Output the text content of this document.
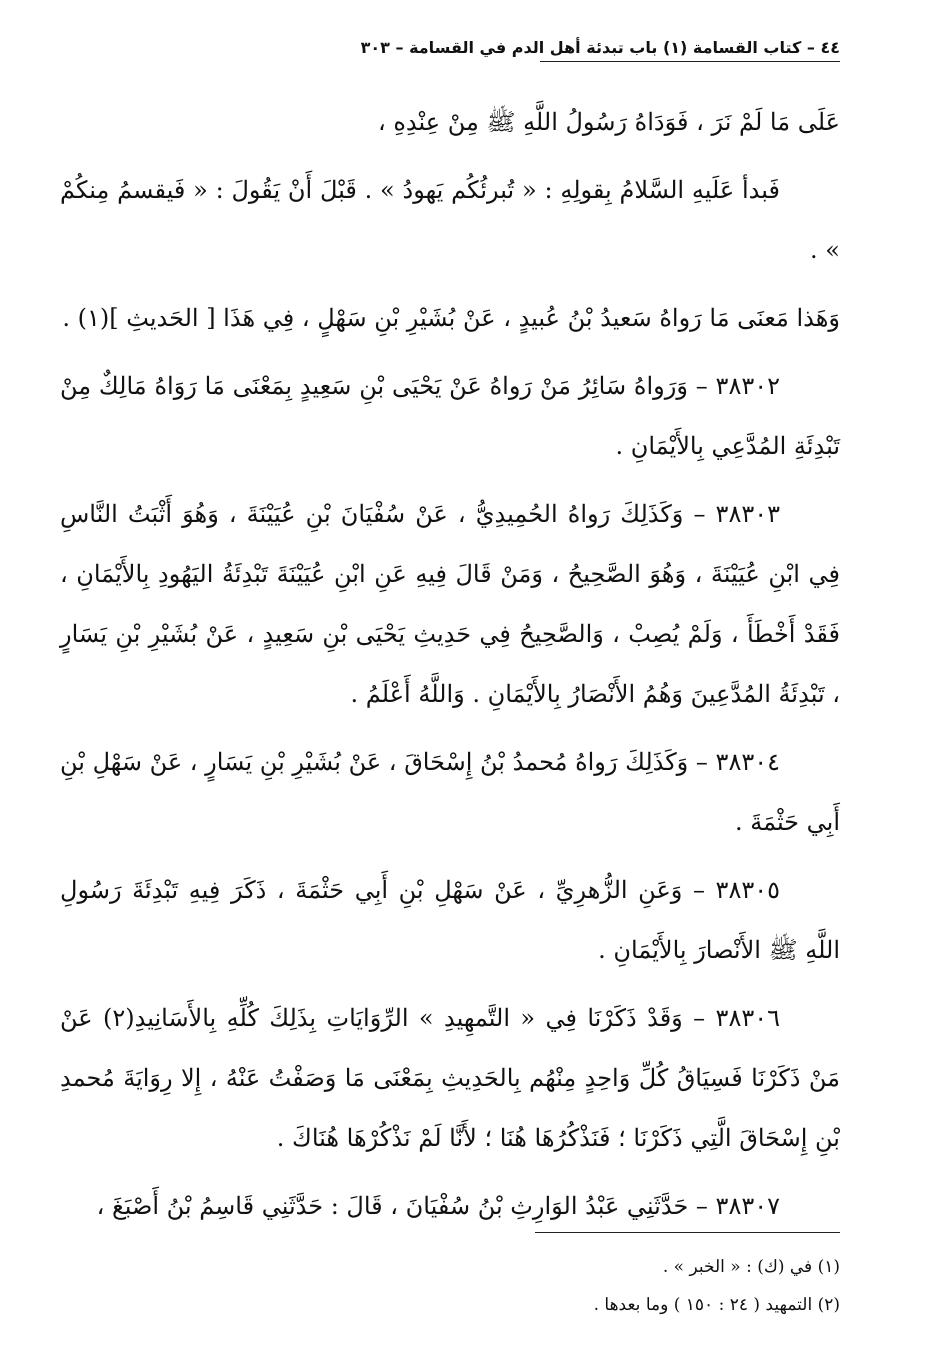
٤٤ – كتاب القسامة (١) باب تبدئة أهل الدم في القسامة – ٣٠٣

عَلَى مَا لَمْ نَرَ ، فَوَدَاهُ رَسُولُ اللَّهِ ﷺ مِنْ عِنْدِهِ ،

فَبدأ عَلَيهِ السَّلامُ بِقولِهِ : « تُبرئُكُم يَهودُ » . قَبْلَ أَنْ يَقُولَ : « فَيقسمُ مِنكُمْ » .

وَهَذا مَعنَى مَا رَواهُ سَعيدُ بْنُ عُبيدٍ ، عَنْ بُشَيْرِ بْنِ سَهْلٍ ، فِي هَذَا [ الحَديثِ ](١) .

٣٨٣٠٢ – وَرَواهُ سَائِرُ مَنْ رَواهُ عَنْ يَحْيَى بْنِ سَعِيدٍ بِمَعْنَى مَا رَوَاهُ مَالِكٌ مِنْ تَبْدِئَةِ المُدَّعِي بِالأَيْمَانِ .

٣٨٣٠٣ – وَكَذَلِكَ رَواهُ الحُمِيدِيُّ ، عَنْ سُفْيَانَ بْنِ عُيَيْنَةَ ، وَهُوَ أَثْبَتُ النَّاسِ فِي ابْنِ عُيَيْنَةَ ، وَهُوَ الصَّحِيحُ ، وَمَنْ قَالَ فِيهِ عَنِ ابْنِ عُيَيْنَةَ تَبْدِئَةُ اليَهُودِ بِالأَيْمَانِ ، فَقَدْ أَخْطَأَ ، وَلَمْ يُصِبْ ، وَالصَّحِيحُ فِي حَدِيثِ يَحْيَى بْنِ سَعِيدٍ ، عَنْ بُشَيْرِ بْنِ يَسَارٍ ، تَبْدِئَةُ المُدَّعِينَ وَهُمُ الأَنْصَارُ بِالأَيْمَانِ . وَاللَّهُ أَعْلَمُ .

٣٨٣٠٤ – وَكَذَلِكَ رَواهُ مُحمدُ بْنُ إِسْحَاقَ ، عَنْ بُشَيْرِ بْنِ يَسَارٍ ، عَنْ سَهْلِ بْنِ أَبِي حَثْمَةَ .

٣٨٣٠٥ – وَعَنِ الزُّهرِيِّ ، عَنْ سَهْلِ بْنِ أَبِي حَثْمَةَ ، ذَكَرَ فِيهِ تَبْدِئَةَ رَسُولِ اللَّهِ ﷺ الأَنْصارَ بِالأَيْمَانِ .

٣٨٣٠٦ – وَقَدْ ذَكَرْنَا فِي « التَّمهِيدِ » الرِّوَايَاتِ بِذَلِكَ كُلِّهِ بِالأَسَانِيدِ(٢) عَنْ مَنْ ذَكَرْنَا فَسِيَاقُ كُلِّ وَاحِدٍ مِنْهُم بِالحَدِيثِ بِمَعْنَى مَا وَصَفْتُ عَنْهُ ، إِلا رِوَايَةَ مُحمدِ بْنِ إِسْحَاقَ الَّتِي ذَكَرْنَا ؛ فَنَذْكُرُهَا هُنَا ؛ لأَنَّا لَمْ نَذْكُرْهَا هُنَاكَ .

٣٨٣٠٧ – حَدَّثَنِي عَبْدُ الوَارِثِ بْنُ سُفْيَانَ ، قَالَ : حَدَّثَنِي قَاسِمُ بْنُ أَصْبَغَ ،

(١) في (ك) : « الخبر » .

(٢) التمهيد ( ٢٤ : ١٥٠ ) وما بعدها .
